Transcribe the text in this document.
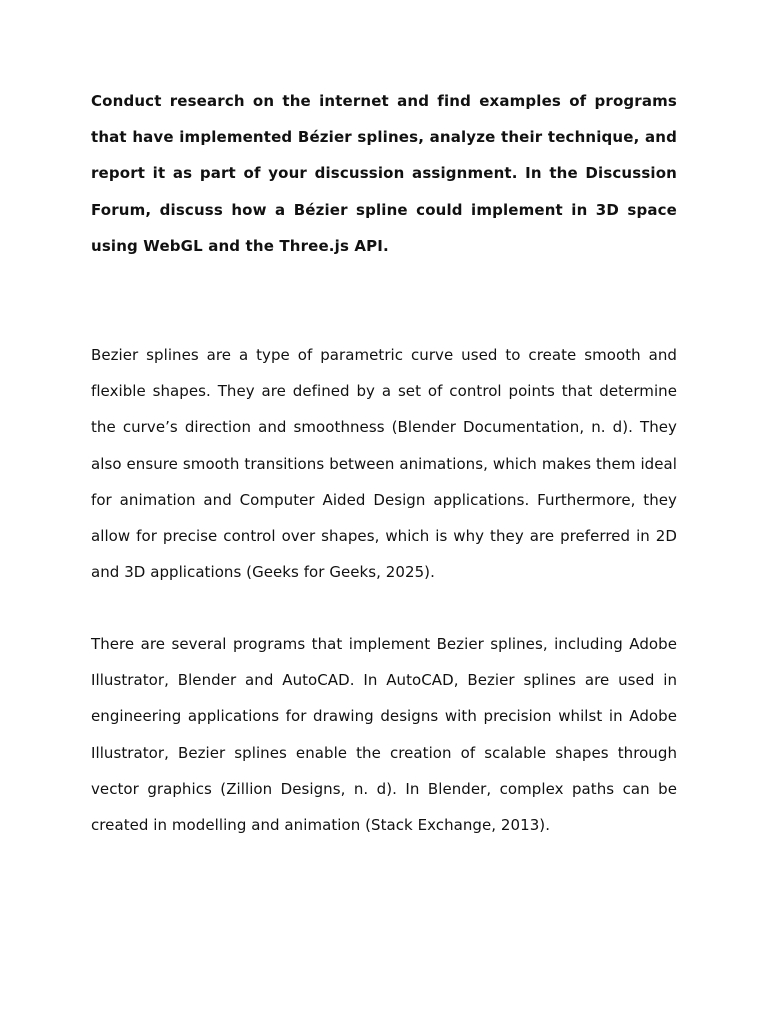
Conduct research on the internet and find examples of programs that have implemented Bézier splines, analyze their technique, and report it as part of your discussion assignment. In the Discussion Forum, discuss how a Bézier spline could implement in 3D space using WebGL and the Three.js API.

Bezier splines are a type of parametric curve used to create smooth and flexible shapes. They are defined by a set of control points that determine the curve’s direction and smoothness (Blender Documentation, n. d). They also ensure smooth transitions between animations, which makes them ideal for animation and Computer Aided Design applications. Furthermore, they allow for precise control over shapes, which is why they are preferred in 2D and 3D applications (Geeks for Geeks, 2025).

There are several programs that implement Bezier splines, including Adobe Illustrator, Blender and AutoCAD. In AutoCAD, Bezier splines are used in engineering applications for drawing designs with precision whilst in Adobe Illustrator, Bezier splines enable the creation of scalable shapes through vector graphics (Zillion Designs, n. d). In Blender, complex paths can be created in modelling and animation (Stack Exchange, 2013).
